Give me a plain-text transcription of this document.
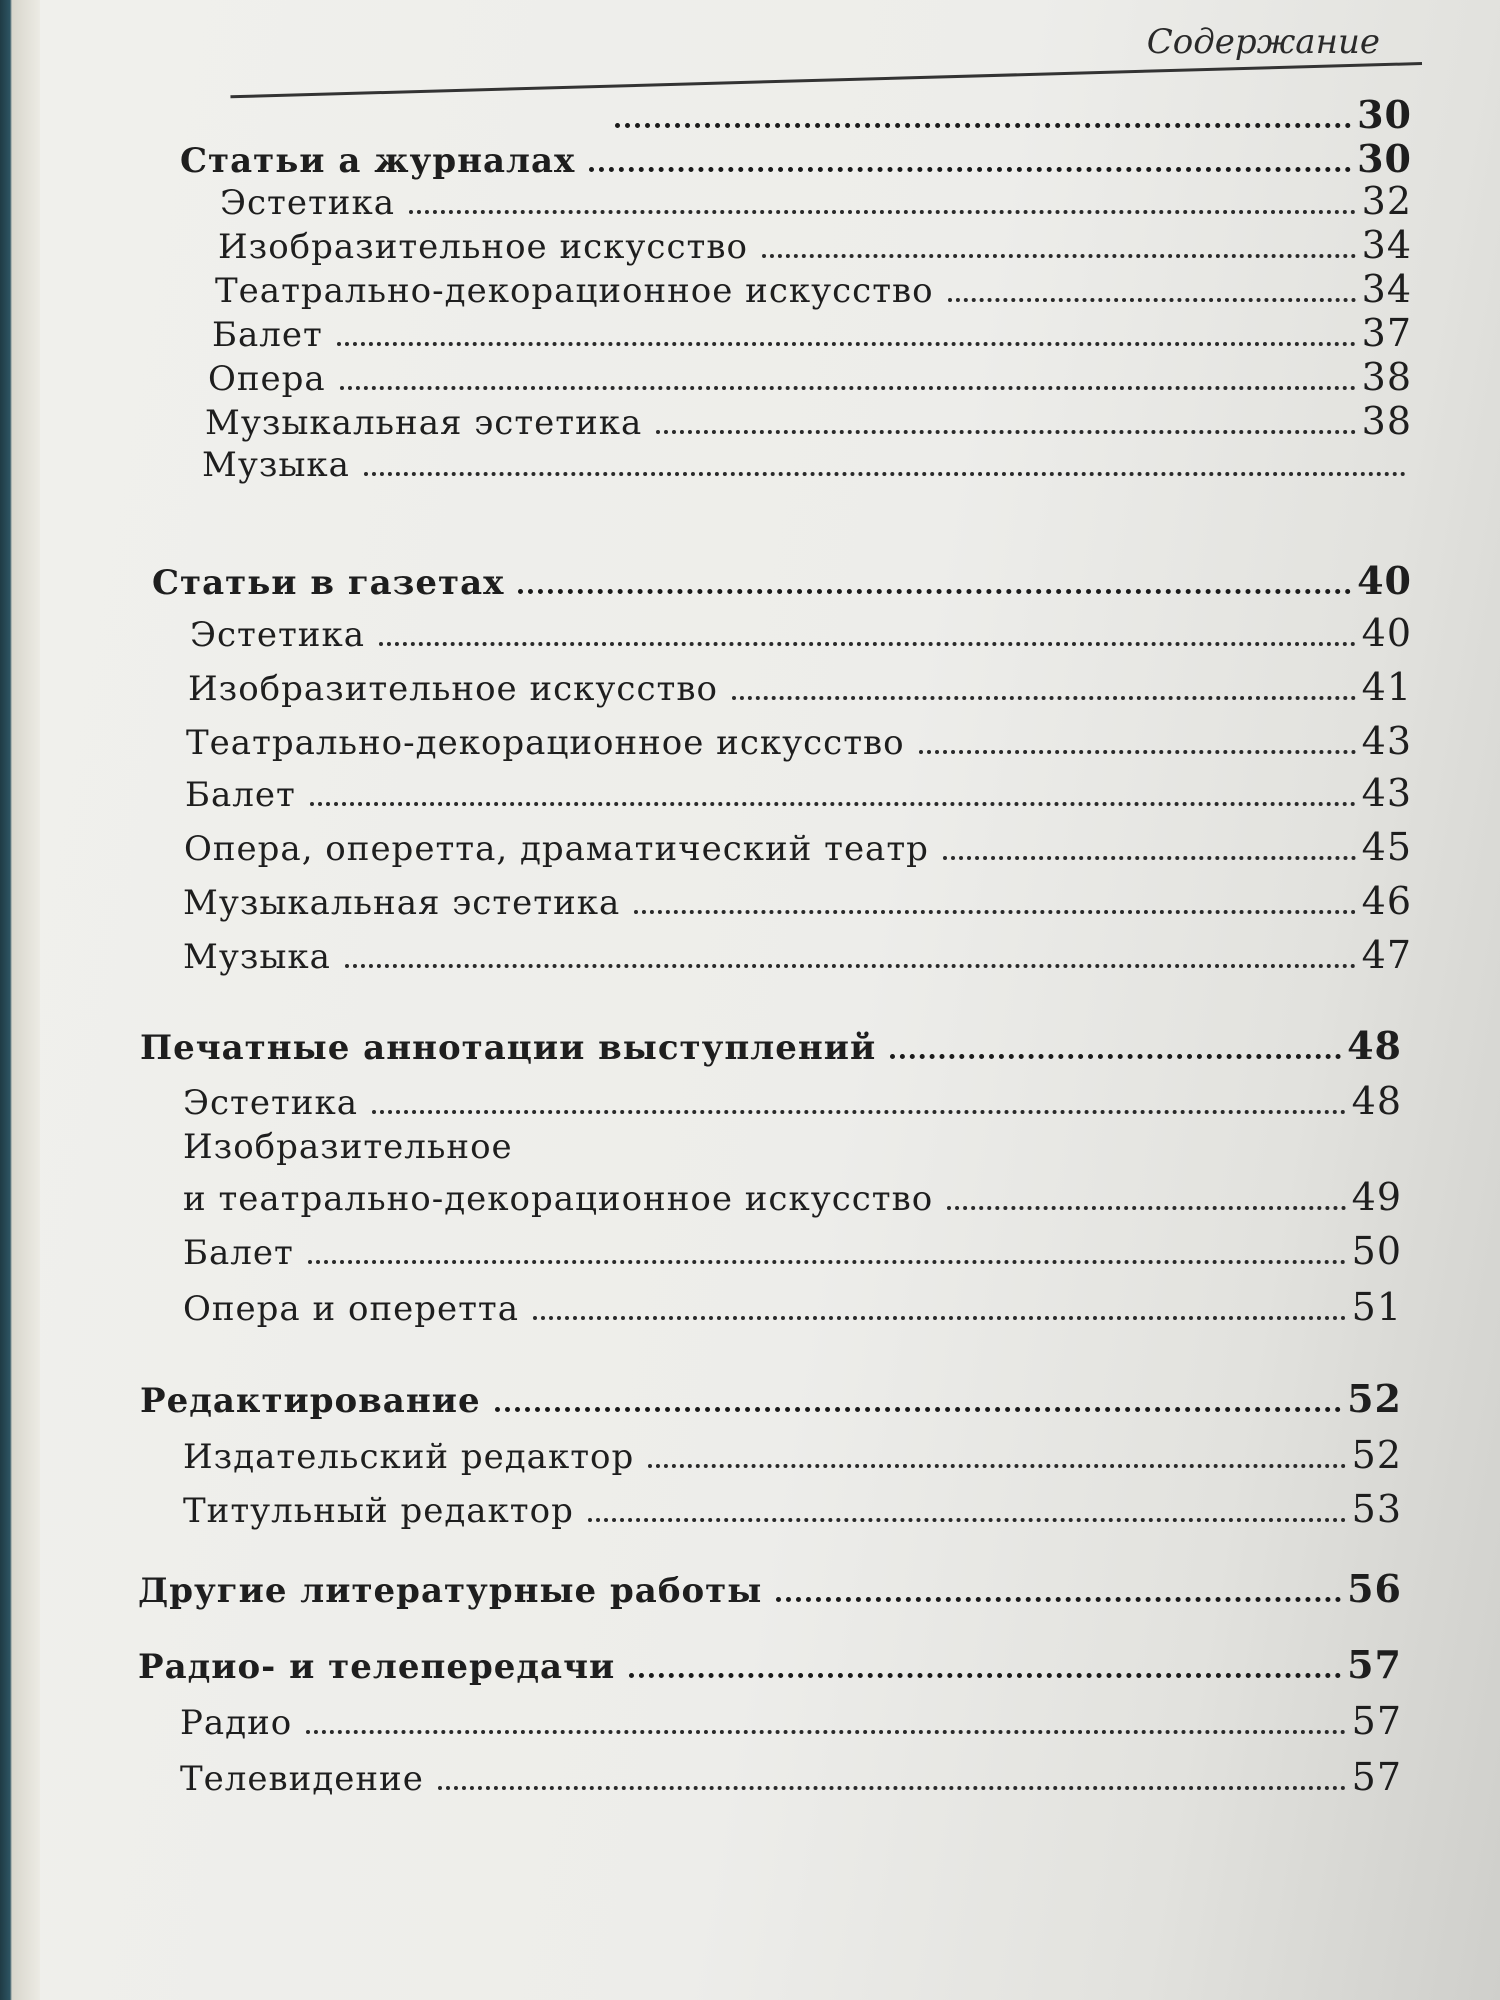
Содержание
30
Статьи а журналах	30
Эстетика	32
Изобразительное искусство	34
Театрально-декорационное искусство	34
Балет	37
Опера	38
Музыкальная эстетика	38
Музыка
Статьи в газетах	40
Эстетика	40
Изобразительное искусство	41
Театрально-декорационное искусство	43
Балет	43
Опера, оперетта, драматический театр	45
Музыкальная эстетика	46
Музыка	47
Печатные аннотации выступлений	48
Эстетика	48
Изобразительное
и театрально-декорационное искусство	49
Балет	50
Опера и оперетта	51
Редактирование	52
Издательский редактор	52
Титульный редактор	53
Другие литературные работы	56
Радио- и телепередачи	57
Радио	57
Телевидение	57
